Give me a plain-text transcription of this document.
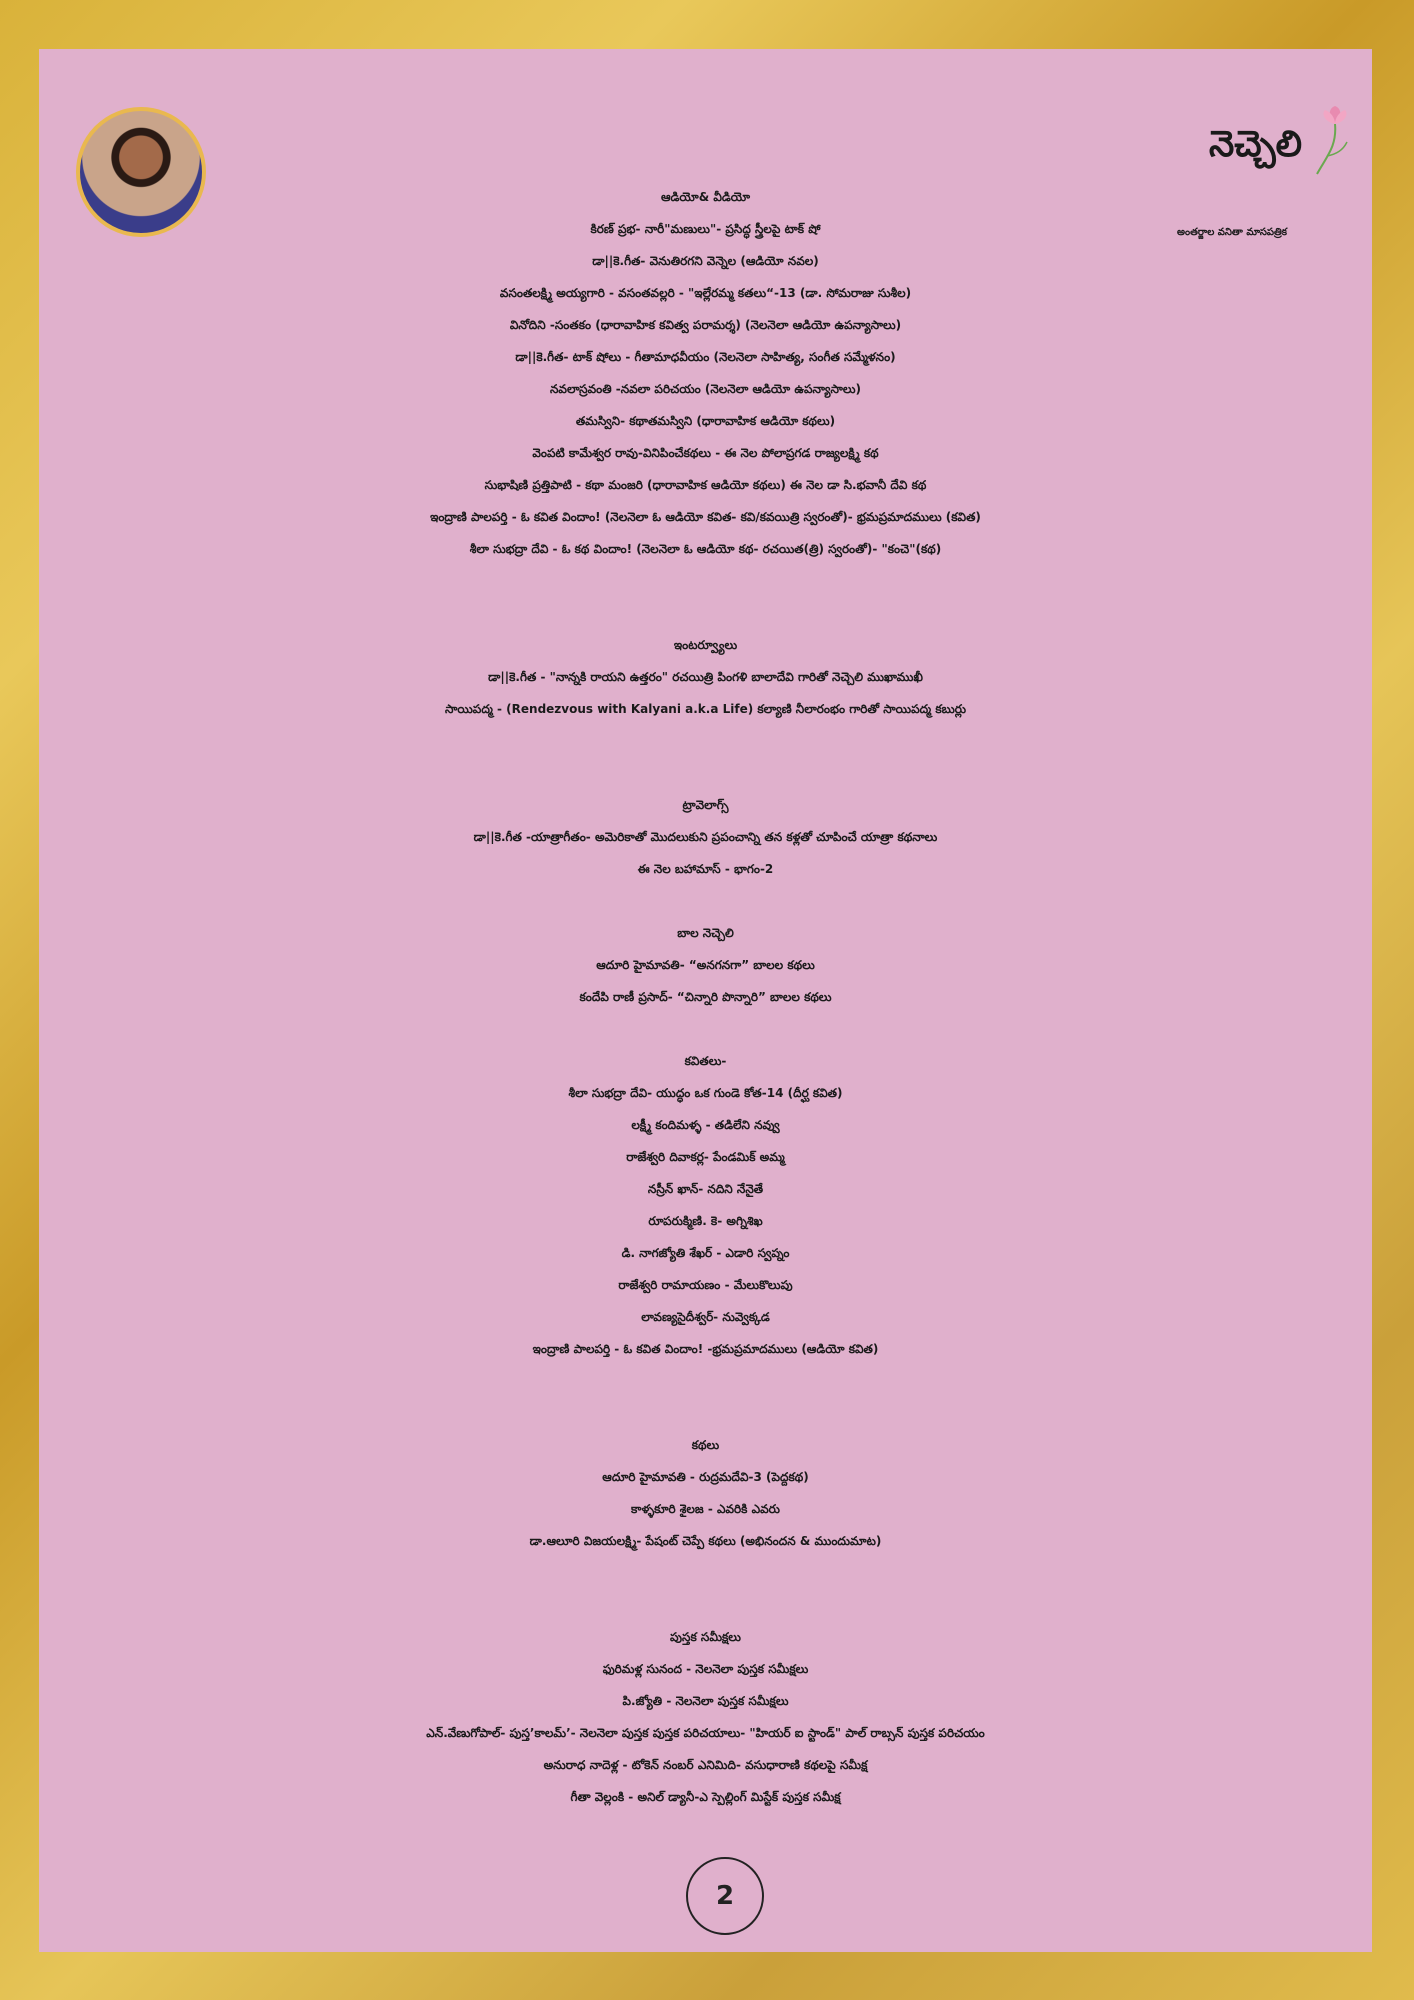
నెచ్చెలి
అంతర్జాల వనితా మాసపత్రిక

ఆడియో& వీడియో

కిరణ్ ప్రభ- నారీ"మణులు"- ప్రసిద్ధ స్త్రీలపై టాక్ షో

డా||కె.గీత- వెనుతిరగని వెన్నెల (ఆడియో నవల)

వసంతలక్ష్మి అయ్యగారి - వసంతవల్లరి - "ఇల్లేరమ్మ కతలు“-13 (డా. సోమరాజు సుశీల)

వినోదిని -సంతకం (ధారావాహిక కవిత్వ పరామర్శ) (నెలనెలా ఆడియో ఉపన్యాసాలు)

డా||కె.గీత- టాక్ షోలు - గీతామాధవీయం (నెలనెలా సాహిత్య, సంగీత సమ్మేళనం)

నవలాస్రవంతి -నవలా పరిచయం (నెలనెలా ఆడియో ఉపన్యాసాలు)

తమస్విని- కథాతమస్విని (ధారావాహిక ఆడియో కథలు)

వెంపటి కామేశ్వర రావు-వినిపించేకథలు - ఈ నెల పోలాప్రగడ రాజ్యలక్ష్మి కథ

సుభాషిణి ప్రత్తిపాటి - కథా మంజరి (ధారావాహిక ఆడియో కథలు) ఈ నెల డా సి.భవానీ దేవి కథ

ఇంద్రాణి పాలపర్తి - ఓ కవిత విందాం! (నెలనెలా ఓ ఆడియో కవిత- కవి/కవయిత్రి స్వరంతో)- భ్రమప్రమాదములు (కవిత)

శీలా సుభద్రా దేవి - ఓ కథ విందాం! (నెలనెలా ఓ ఆడియో కథ- రచయిత(త్రి) స్వరంతో)- "కంచె"(కథ)

ఇంటర్వ్యూలు

డా||కె.గీత - "నాన్నకి రాయని ఉత్తరం" రచయిత్రి పింగళి బాలాదేవి గారితో నెచ్చెలి ముఖాముఖీ

సాయిపద్మ - (Rendezvous with Kalyani a.k.a Life) కల్యాణి నీలారంభం గారితో సాయిపద్మ కబుర్లు

ట్రావెలాగ్స్

డా||కె.గీత -యాత్రాగీతం- అమెరికాతో మొదలుకుని ప్రపంచాన్ని తన కళ్లతో చూపించే యాత్రా కథనాలు

ఈ నెల బహామాస్ - భాగం-2

బాల నెచ్చెలి

ఆదూరి హైమావతి- “అనగనగా” బాలల కథలు

కందేపి రాణీ ప్రసాద్- “చిన్నారి పొన్నారి” బాలల కథలు

కవితలు-

శీలా సుభద్రా దేవి- యుద్ధం ఒక గుండె కోత-14 (దీర్ఘ కవిత)

లక్ష్మీ కందిమళ్ళ - తడిలేని నవ్వు

రాజేశ్వరి దివాకర్ల- పేండమిక్ అమ్మ

నస్రీన్ ఖాన్- నదిని నేనైతే

రూపరుక్మిణి. కె- అగ్నిశిఖ

డి. నాగజ్యోతి శేఖర్ - ఎడారి స్వప్నం

రాజేశ్వరి రామాయణం - మేలుకొలుపు

లావణ్యసైదీశ్వర్- నువ్వెక్కడ

ఇంద్రాణి పాలపర్తి - ఓ కవిత విందాం! -భ్రమప్రమాదములు (ఆడియో కవిత)

కథలు

ఆదూరి హైమావతి - రుద్రమదేవి-3 (పెద్దకథ)

కాళ్ళకూరి శైలజ - ఎవరికి ఎవరు

డా.ఆలూరి విజయలక్ష్మి- పేషంట్ చెప్పే కథలు (అభినందన & ముందుమాట)

పుస్తక సమీక్షలు

ఫురిమళ్ల సునంద - నెలనెలా పుస్తక సమీక్షలు

పి.జ్యోతి - నెలనెలా పుస్తక సమీక్షలు

ఎన్.వేణుగోపాల్- పుస్త’కాలమ్’- నెలనెలా పుస్తక పుస్తక పరిచయాలు- "హియర్ ఐ స్టాండ్" పాల్ రాబ్సన్ పుస్తక పరిచయం

అనురాధ నాదెళ్ల - టోకెన్ నంబర్ ఎనిమిది- వసుధారాణి కథలపై సమీక్ష

గీతా వెల్లంకి - అనిల్ డ్యానీ-ఎ స్పెల్లింగ్ మిస్టేక్ పుస్తక సమీక్ష

2
